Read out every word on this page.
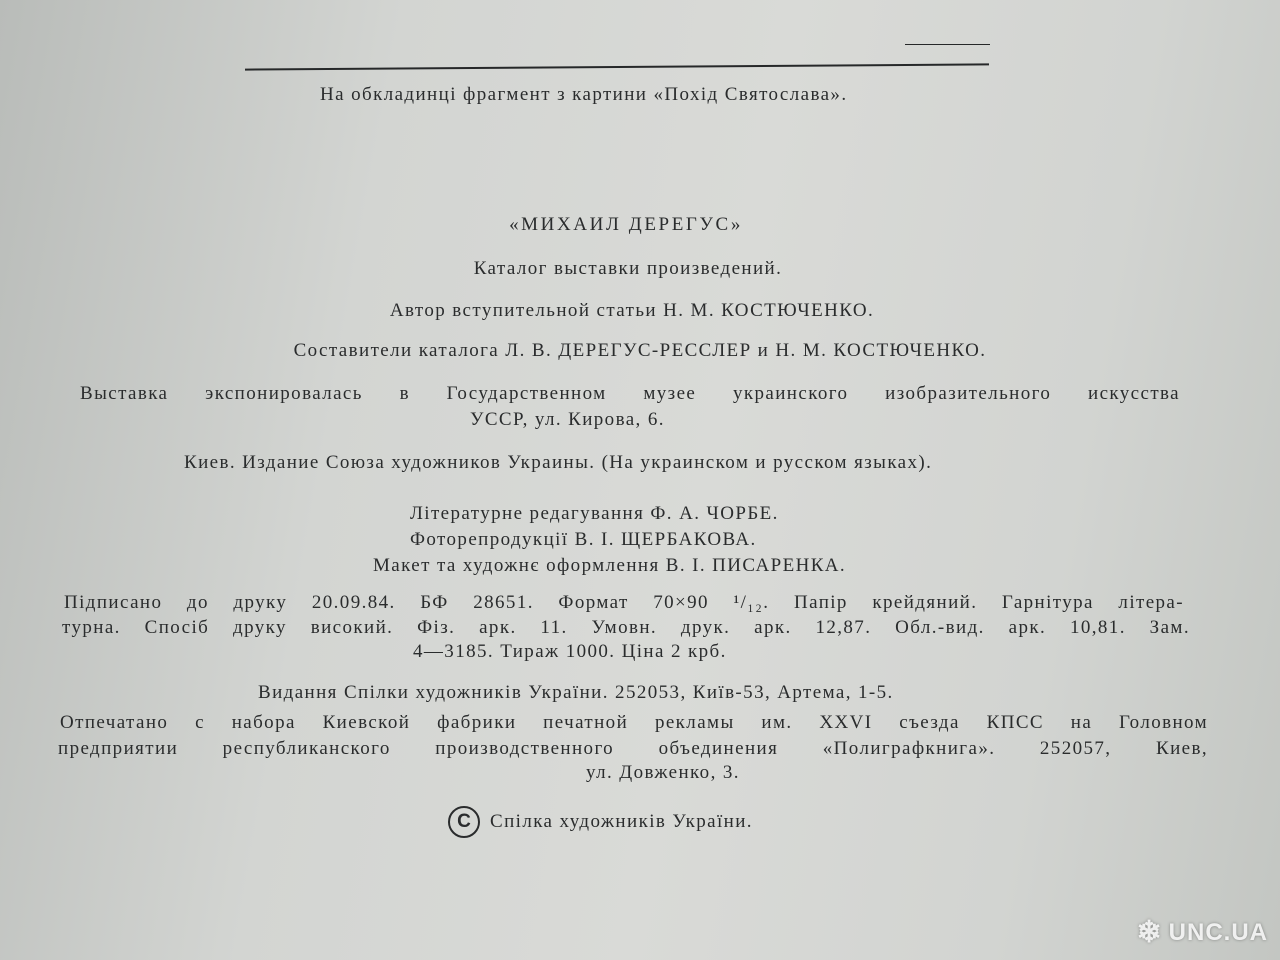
На обкладинці фрагмент з картини «Похід Святослава».
«МИХАИЛ ДЕРЕГУС»
Каталог выставки произведений.
Автор вступительной статьи Н. М. КОСТЮЧЕНКО.
Составители каталога Л. В. ДЕРЕГУС-РЕССЛЕР и Н. М. КОСТЮЧЕНКО.
Выставка экспонировалась в Государственном музее украинского изобразительного искусства
УССР, ул. Кирова, 6.
Киев. Издание Союза художников Украины. (На украинском и русском языках).
Літературне редагування Ф. А. ЧОРБЕ.
Фоторепродукції В. І. ЩЕРБАКОВА.
Макет та художнє оформлення В. І. ПИСАРЕНКА.
Підписано до друку 20.09.84. БФ 28651. Формат 70×90 ¹/₁₂. Папір крейдяний. Гарнітура літера-
турна. Спосіб друку високий. Фіз. арк. 11. Умовн. друк. арк. 12,87. Обл.-вид. арк. 10,81. Зам.
4—3185. Тираж 1000. Ціна 2 крб.
Видання Спілки художників України. 252053, Київ-53, Артема, 1-5.
Отпечатано с набора Киевской фабрики печатной рекламы им. XXVI съезда КПСС на Головном
предприятии республиканского производственного объединения «Полиграфкнига». 252057, Киев,
ул. Довженко, 3.
C	Спілка художників України.
❄ UNC.UA
